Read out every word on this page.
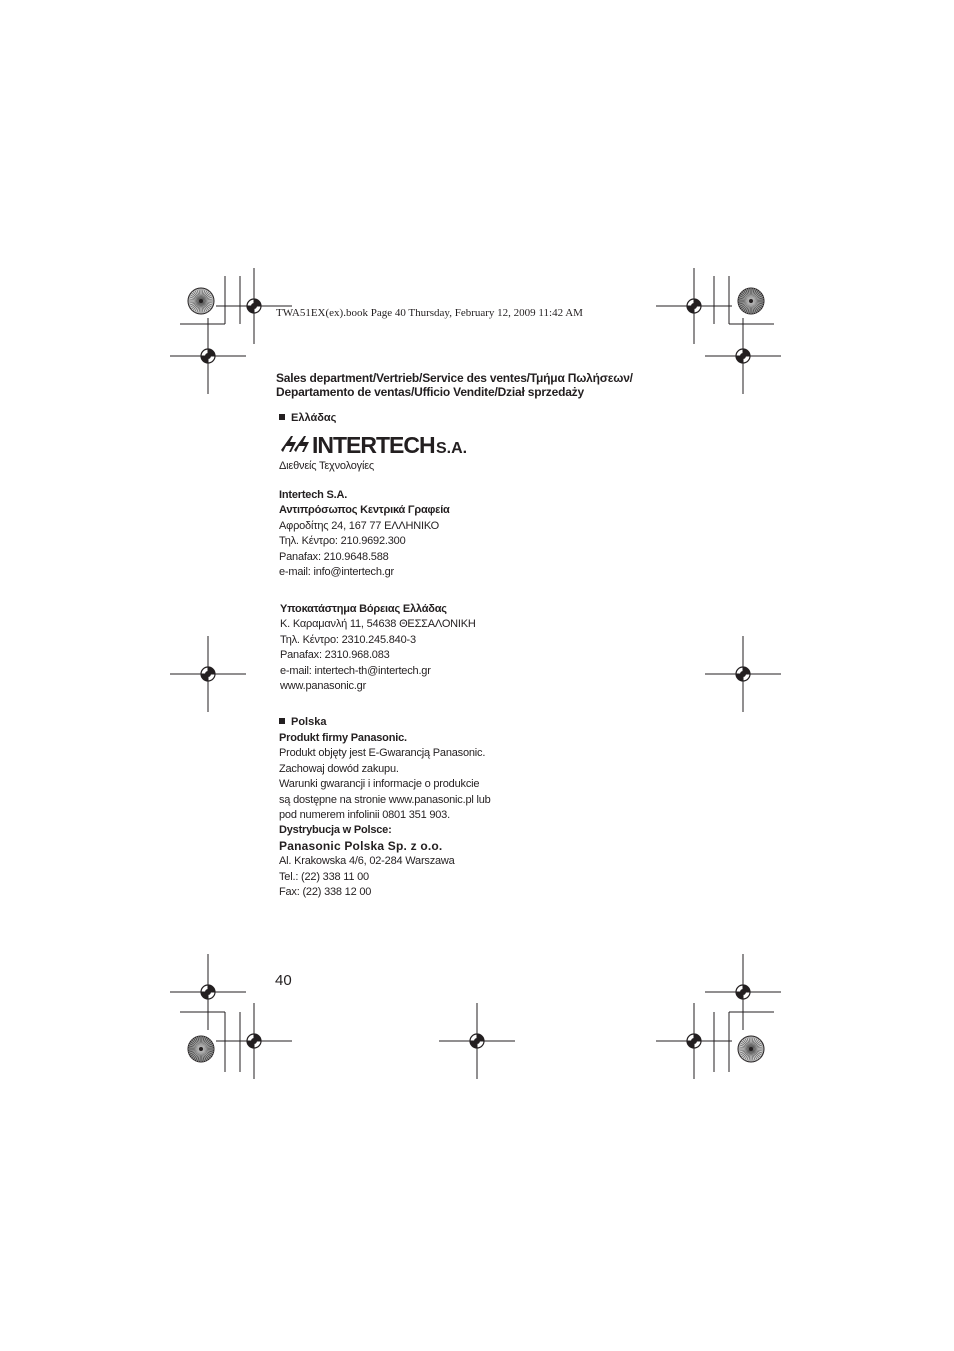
TWA51EX(ex).book Page 40 Thursday, February 12, 2009 11:42 AM
Sales department/Vertrieb/Service des ventes/Τμήμα Πωλήσεων/
Departamento de ventas/Ufficio Vendite/Dział sprzedaży
Ελλάδας
INTERTECH S.A.
Διεθνείς Τεχνολογίες
Intertech S.A.
Αντιπρόσωπος Κεντρικά Γραφεία
Αφροδίτης 24, 167 77 ΕΛΛΗΝΙΚΟ
Τηλ. Κέντρο: 210.9692.300
Panafax: 210.9648.588
e-mail: info@intertech.gr
Υποκατάστημα Βόρειας Ελλάδας
Κ. Καραμανλή 11, 54638 ΘΕΣΣΑΛΟΝΙΚΗ
Τηλ. Κέντρο: 2310.245.840-3
Panafax: 2310.968.083
e-mail: intertech-th@intertech.gr
www.panasonic.gr
Polska
Produkt firmy Panasonic.
Produkt objęty jest E-Gwarancją Panasonic.
Zachowaj dowód zakupu.
Warunki gwarancji i informacje o produkcie
są dostępne na stronie www.panasonic.pl lub
pod numerem infolinii 0801 351 903.
Dystrybucja w Polsce:
Panasonic Polska Sp. z o.o.
Al. Krakowska 4/6, 02-284 Warszawa
Tel.: (22) 338 11 00
Fax: (22) 338 12 00
40
